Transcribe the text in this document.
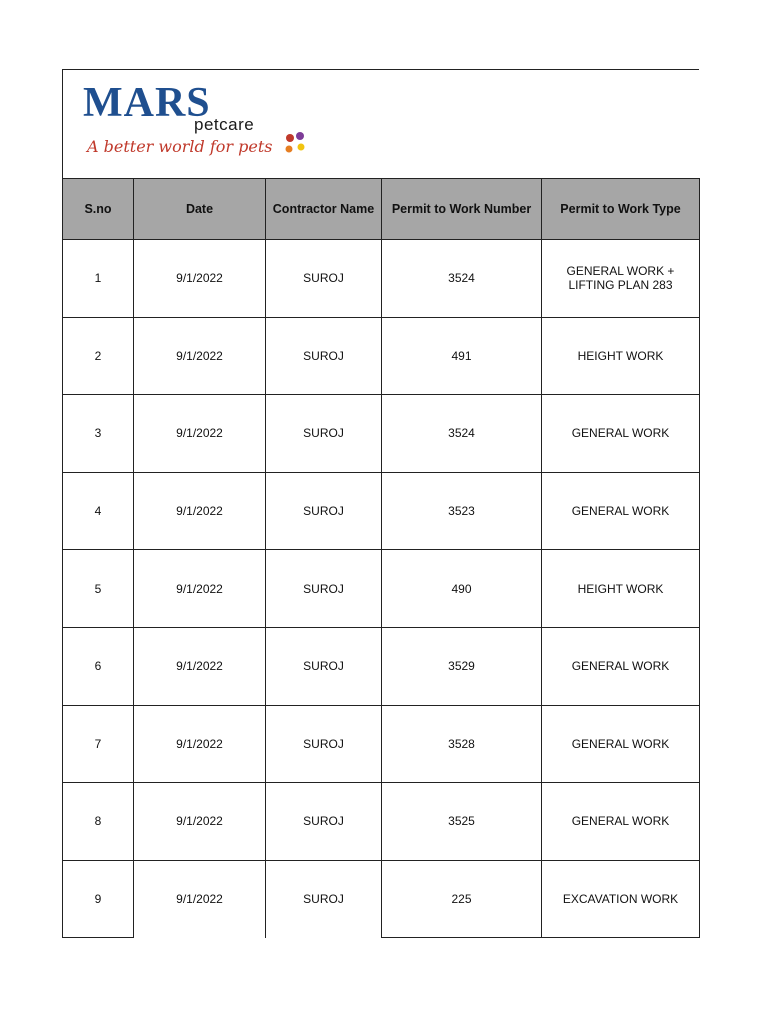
MARS
petcare
A better world for pets
S.no	Date	Contractor Name	Permit to Work Number	Permit to Work Type
1	9/1/2022	SUROJ	3524	GENERAL WORK + LIFTING PLAN 283
2	9/1/2022	SUROJ	491	HEIGHT WORK
3	9/1/2022	SUROJ	3524	GENERAL WORK
4	9/1/2022	SUROJ	3523	GENERAL WORK
5	9/1/2022	SUROJ	490	HEIGHT WORK
6	9/1/2022	SUROJ	3529	GENERAL WORK
7	9/1/2022	SUROJ	3528	GENERAL WORK
8	9/1/2022	SUROJ	3525	GENERAL WORK
9	9/1/2022	SUROJ	225	EXCAVATION WORK
